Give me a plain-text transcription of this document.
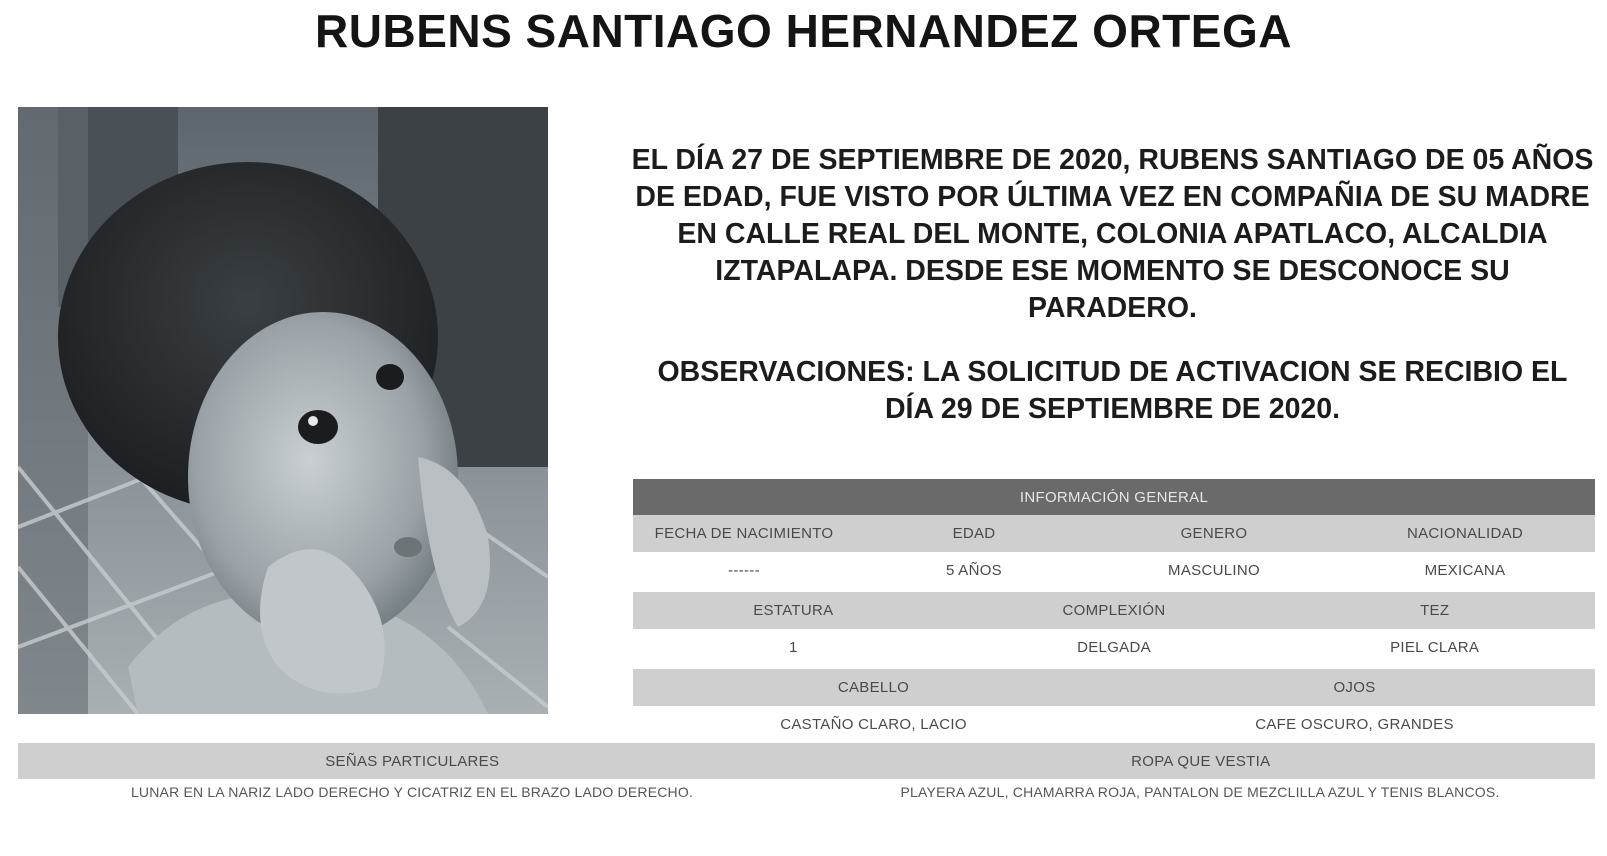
RUBENS SANTIAGO HERNANDEZ ORTEGA

EL DÍA 27 DE SEPTIEMBRE DE 2020, RUBENS SANTIAGO DE 05 AÑOS DE EDAD, FUE VISTO POR ÚLTIMA VEZ EN COMPAÑIA DE SU MADRE EN CALLE REAL DEL MONTE, COLONIA APATLACO, ALCALDIA IZTAPALAPA. DESDE ESE MOMENTO SE DESCONOCE SU PARADERO.

OBSERVACIONES: LA SOLICITUD DE ACTIVACION SE RECIBIO EL DÍA 29 DE SEPTIEMBRE DE 2020.

INFORMACIÓN GENERAL
FECHA DE NACIMIENTO	EDAD	GENERO	NACIONALIDAD
------	5 AÑOS	MASCULINO	MEXICANA
ESTATURA	COMPLEXIÓN	TEZ
1	DELGADA	PIEL CLARA
CABELLO	OJOS
CASTAÑO CLARO, LACIO	CAFE OSCURO, GRANDES
SEÑAS PARTICULARES	ROPA QUE VESTIA
LUNAR EN LA NARIZ LADO DERECHO Y CICATRIZ EN EL BRAZO LADO DERECHO.	PLAYERA AZUL, CHAMARRA ROJA, PANTALON DE MEZCLILLA AZUL Y TENIS BLANCOS.
